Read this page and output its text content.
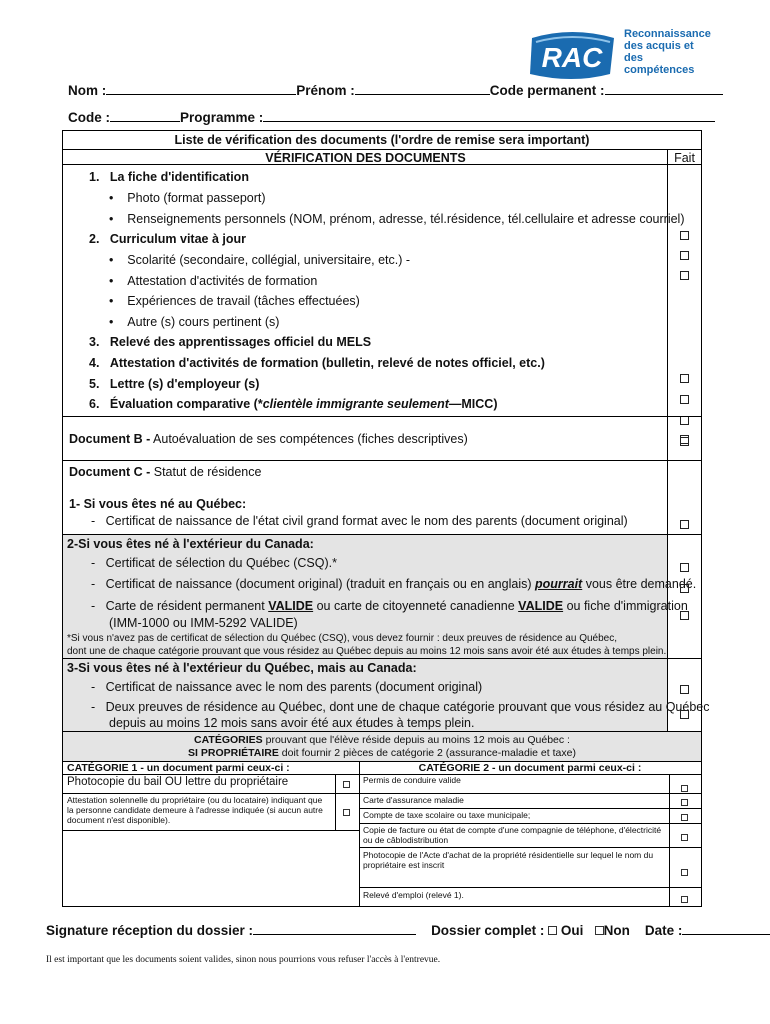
RAC
Reconnaissance
des acquis et
des compétences
Nom :	Prénom :	Code permanent :
Code :	Programme :
Liste de vérification des documents (l'ordre de remise sera important)
VÉRIFICATION DES DOCUMENTS	Fait
1. La fiche d'identification
•    Photo (format passeport)
•    Renseignements personnels (NOM, prénom, adresse, tél.résidence, tél.cellulaire et adresse courriel)
2. Curriculum vitae à jour
•    Scolarité (secondaire, collégial, universitaire, etc.) -
•    Attestation d'activités de formation
•    Expériences de travail (tâches effectuées)
•    Autre (s) cours pertinent (s)
3. Relevé des apprentissages officiel du MELS
4. Attestation d'activités de formation (bulletin, relevé de notes officiel, etc.)
5. Lettre (s) d'employeur (s)
6. Évaluation comparative (*clientèle immigrante seulement—MICC)
Document B - Autoévaluation de ses compétences (fiches descriptives)
Document C - Statut de résidence
1- Si vous êtes né au Québec:
-   Certificat de naissance de l'état civil grand format avec le nom des parents (document original)
2-Si vous êtes né à l'extérieur du Canada:
-   Certificat de sélection du Québec (CSQ).*
-   Certificat de naissance (document original) (traduit en français ou en anglais) pourrait vous être demandé.
-   Carte de résident permanent VALIDE ou carte de citoyenneté canadienne VALIDE ou fiche d'immigration
(IMM-1000 ou IMM-5292 VALIDE)
*Si vous n'avez pas de certificat de sélection du Québec (CSQ), vous devez fournir : deux preuves de résidence au Québec,
dont une de chaque catégorie prouvant que vous résidez au Québec depuis au moins 12 mois sans avoir été aux études à temps plein.
3-Si vous êtes né à l'extérieur du Québec, mais au Canada:
-   Certificat de naissance avec le nom des parents (document original)
-   Deux preuves de résidence au Québec, dont une de chaque catégorie prouvant que vous résidez au Québec
depuis au moins 12 mois sans avoir été aux études à temps plein.
CATÉGORIES prouvant que l'élève réside depuis au moins 12 mois au Québec :
SI PROPRIÉTAIRE doit fournir 2 pièces de catégorie 2 (assurance-maladie et taxe)
CATÉGORIE 1 - un document parmi ceux-ci :
Photocopie du bail OU lettre du propriétaire
Attestation solennelle du propriétaire (ou du locataire) indiquant que la personne candidate demeure à l'adresse indiquée (si aucun autre document n'est disponible).
CATÉGORIE 2 - un document parmi ceux-ci :
Permis de conduire valide
Carte d'assurance maladie
Compte de taxe scolaire ou taxe municipale;
Copie de facture ou état de compte d'une compagnie de téléphone, d'électricité ou de câblodistribution
Photocopie de l'Acte d'achat de la propriété résidentielle sur lequel le nom du propriétaire est inscrit
Relevé d'emploi (relevé 1).
Signature réception du dossier :	Dossier complet : Oui Non Date :
Il est important que les documents soient valides, sinon nous pourrions vous refuser l'accès à l'entrevue.
